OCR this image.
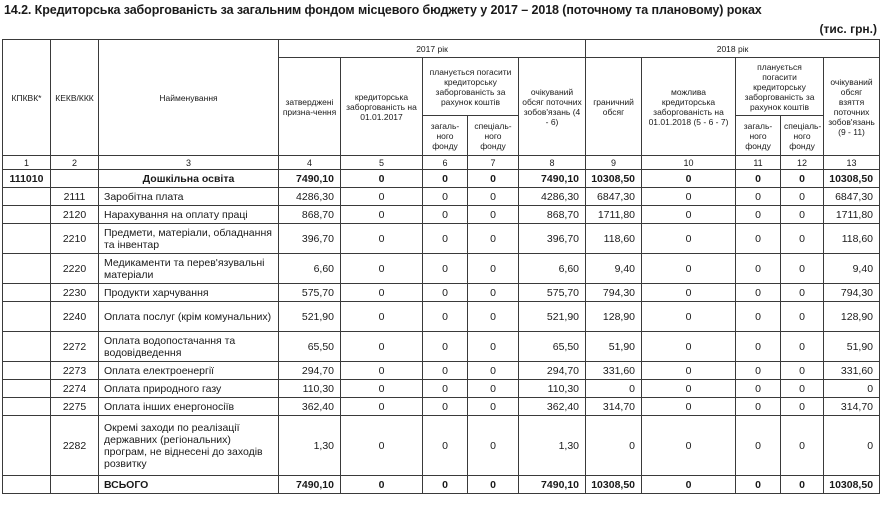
14.2. Кредиторська заборгованість за загальним фондом місцевого бюджету у 2017 – 2018 (поточному та плановому) роках
(тис. грн.)
КПКВК*	КЕКВ/ККК	Найменування	2017 рік					2018 рік				
			затверджені призна-чення	кредиторська заборгованість на 01.01.2017	планується погасити кредиторську заборгованість за рахунок коштів		очікуваний обсяг поточних зобов'язань (4 - 6)	граничний обсяг	можлива кредиторська заборгованість на 01.01.2018 (5 - 6 - 7)	планується погасити кредиторську заборгованість за рахунок коштів		очікуваний обсяг взяття поточних зобов'язань (9 - 11)
					загаль-ного фонду	спеціаль-ного фонду				загаль-ного фонду	спеціаль-ного фонду	
1	2	3	4	5	6	7	8	9	10	11	12	13
111010		Дошкільна освіта	7490,10	0	0	0	7490,10	10308,50	0	0	0	10308,50
	2111	Заробітна плата	4286,30	0	0	0	4286,30	6847,30	0	0	0	6847,30
	2120	Нарахування на оплату праці	868,70	0	0	0	868,70	1711,80	0	0	0	1711,80
	2210	Предмети, матеріали, обладнання та інвентар	396,70	0	0	0	396,70	118,60	0	0	0	118,60
	2220	Медикаменти та перев'язувальні матеріали	6,60	0	0	0	6,60	9,40	0	0	0	9,40
	2230	Продукти харчування	575,70	0	0	0	575,70	794,30	0	0	0	794,30
	2240	Оплата послуг (крім комунальних)	521,90	0	0	0	521,90	128,90	0	0	0	128,90
	2272	Оплата водопостачання та водовідведення	65,50	0	0	0	65,50	51,90	0	0	0	51,90
	2273	Оплата електроенергії	294,70	0	0	0	294,70	331,60	0	0	0	331,60
	2274	Оплата природного газу	110,30	0	0	0	110,30	0	0	0	0	0
	2275	Оплата інших енергоносіїв	362,40	0	0	0	362,40	314,70	0	0	0	314,70
	2282	Окремі заходи по реалізації державних (регіональних) програм, не віднесені до заходів розвитку	1,30	0	0	0	1,30	0	0	0	0	0
		ВСЬОГО	7490,10	0	0	0	7490,10	10308,50	0	0	0	10308,50
